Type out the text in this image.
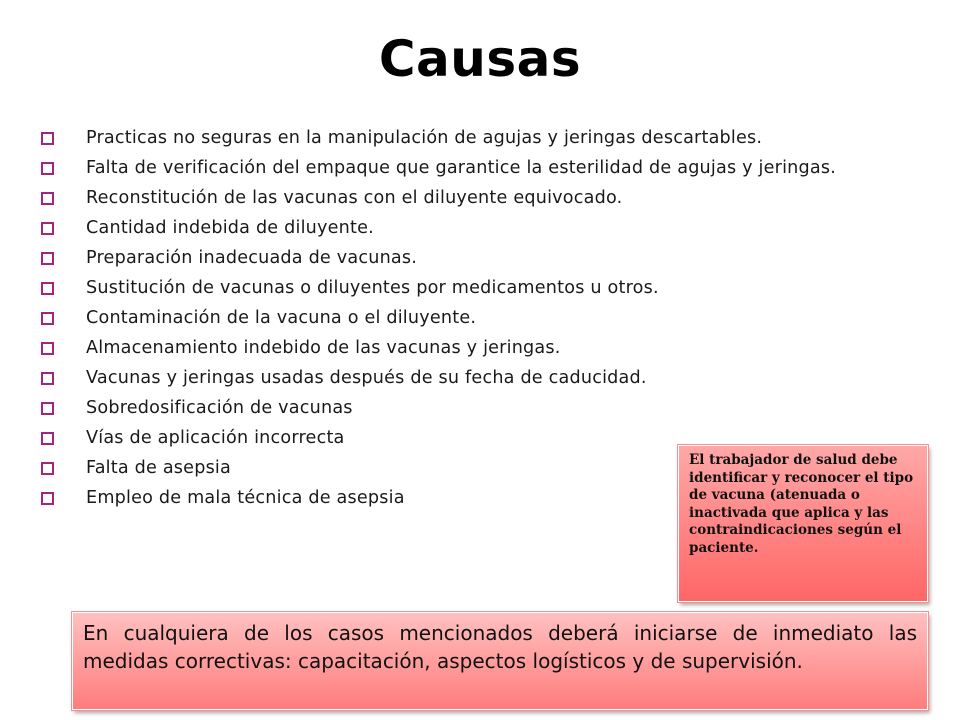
Causas
Practicas no seguras en la manipulación de agujas y jeringas descartables.
Falta de verificación del empaque que garantice la esterilidad de agujas y jeringas.
Reconstitución de las vacunas con el diluyente equivocado.
Cantidad indebida de diluyente.
Preparación inadecuada de vacunas.
Sustitución de vacunas o diluyentes por medicamentos u otros.
Contaminación de la vacuna o el diluyente.
Almacenamiento indebido de las vacunas y jeringas.
Vacunas y jeringas usadas después de su fecha de caducidad.
Sobredosificación de vacunas
Vías de aplicación incorrecta
Falta de asepsia
Empleo de mala técnica de asepsia
El trabajador de salud debe identificar y reconocer el tipo de vacuna (atenuada o inactivada que aplica y las contraindicaciones según el paciente.
En cualquiera de los casos mencionados deberá iniciarse de inmediato las medidas correctivas: capacitación, aspectos logísticos y de supervisión.
